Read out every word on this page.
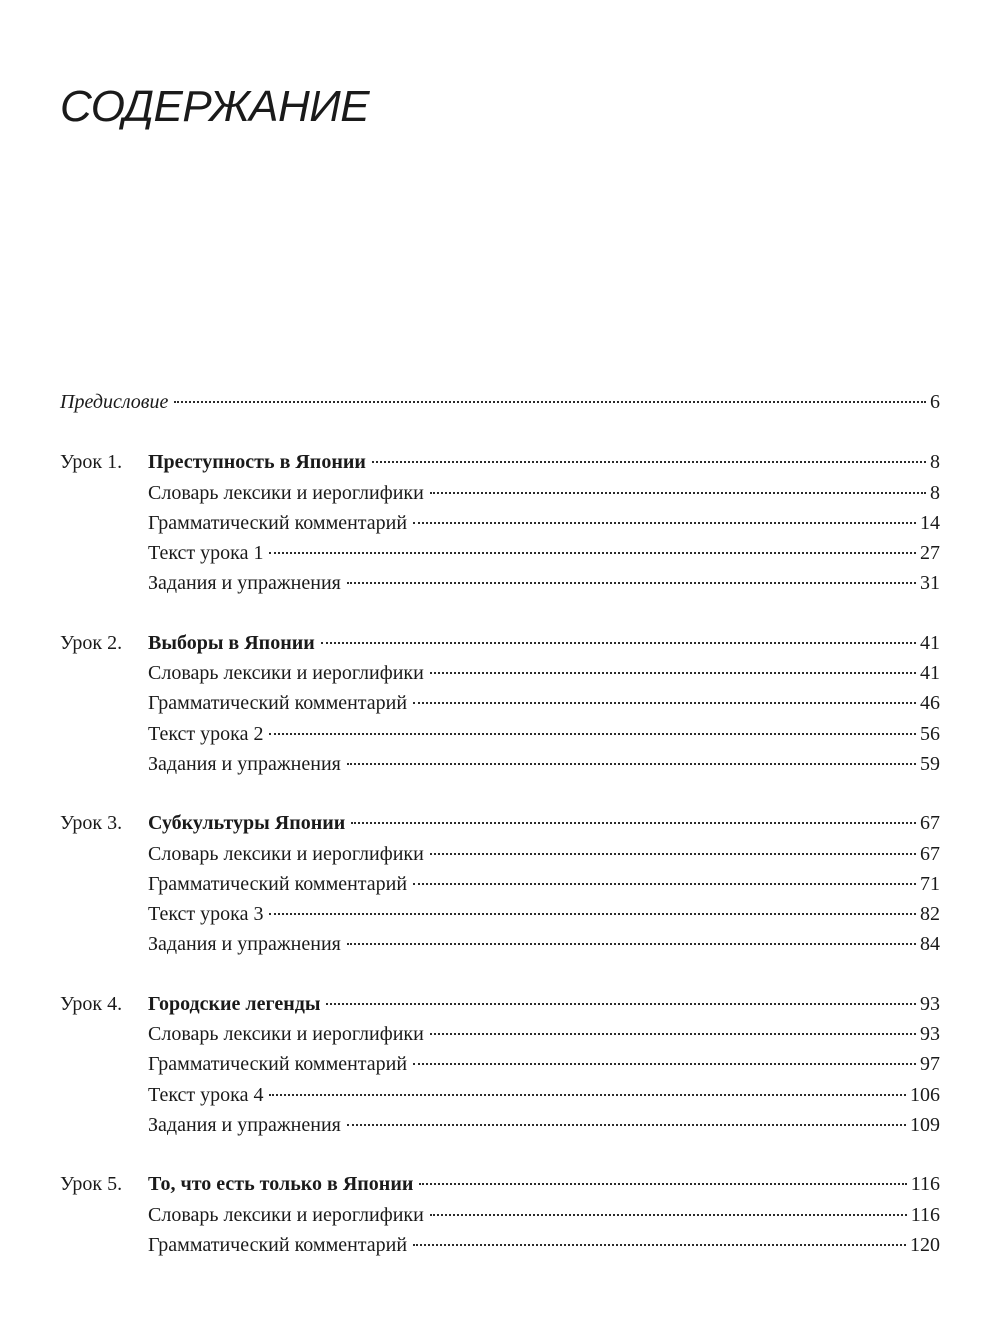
СОДЕРЖАНИЕ
Предисловие	6
Урок 1. Преступность в Японии	8
Словарь лексики и иероглифики	8
Грамматический комментарий	14
Текст урока 1	27
Задания и упражнения	31
Урок 2. Выборы в Японии	41
Словарь лексики и иероглифики	41
Грамматический комментарий	46
Текст урока 2	56
Задания и упражнения	59
Урок 3. Субкультуры Японии	67
Словарь лексики и иероглифики	67
Грамматический комментарий	71
Текст урока 3	82
Задания и упражнения	84
Урок 4. Городские легенды	93
Словарь лексики и иероглифики	93
Грамматический комментарий	97
Текст урока 4	106
Задания и упражнения	109
Урок 5. То, что есть только в Японии	116
Словарь лексики и иероглифики	116
Грамматический комментарий	120
